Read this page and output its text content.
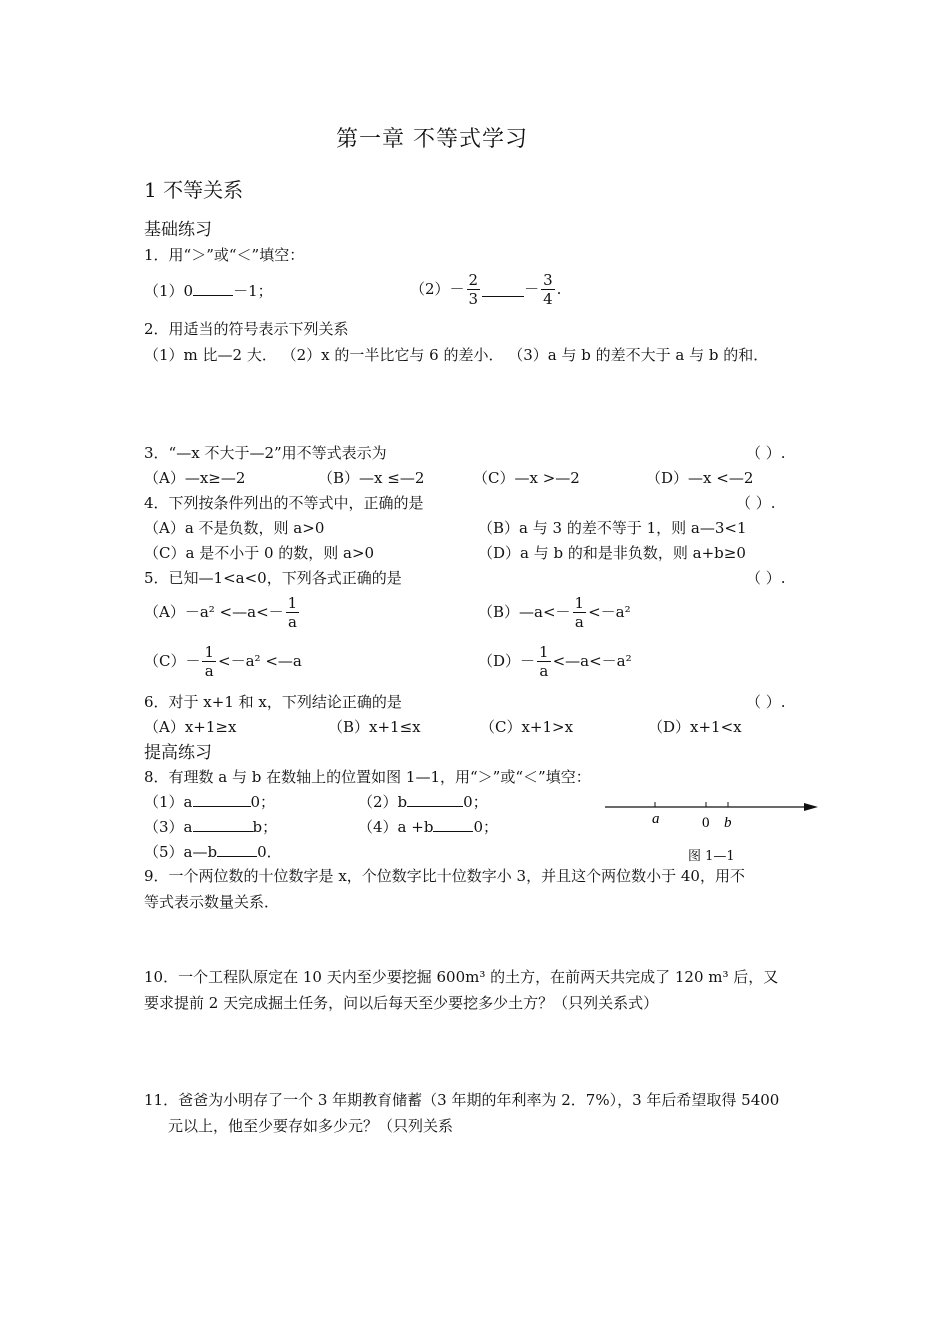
第一章 不等式学习
1 不等关系
基础练习
1．用“＞”或“＜”填空：
（1）0	－1；	$(2)- \frac{2}{3}$	－ $\frac{3}{4}$ .
2．用适当的符号表示下列关系
（1）m 比—2 大． （2）x 的一半比它与 6 的差小． （3）a 与 b 的差不大于 a 与 b 的和．
3．“—x 不大于—2”用不等式表示为	（ ）.
（A）—x≥—2	（B）—x ≤—2	（C）—x >—2	（D）—x <—2
4．下列按条件列出的不等式中，正确的是	（ ）.
（A）a 不是负数，则 a>0	（B）a 与 3 的差不等于 1，则 a—3<1
（C）a 是不小于 0 的数，则 a>0	（D）a 与 b 的和是非负数，则 a+b≥0
5．已知—1<a<0，下列各式正确的是	（ ）.
（A）－a² <—a<－ $\frac{1}{a}$	（B）—a<－ $\frac{1}{a} <-a^2$
$(C)- \frac{1}{a} <-a^2$ <—a	$(D)- \frac{1}{a}$ <—a<－a²
6．对于 x+1 和 x，下列结论正确的是	（ ）.
（A）x+1≥x	（B）x+1≤x	（C）x+1>x	（D）x+1<x
提高练习
8．有理数 a 与 b 在数轴上的位置如图 1—1，用“＞”或“＜”填空：
（1）a	0；	（2）b	0；
（3）a	b；	（4）a +b	0；
（5）a—b	0．
a	0 b
图 1—1
9．一个两位数的十位数字是 x，个位数字比十位数字小 3，并且这个两位数小于 40，用不
等式表示数量关系．
10．一个工程队原定在 10 天内至少要挖掘 600m³ 的土方，在前两天共完成了 120 m³ 后，又
要求提前 2 天完成掘土任务，问以后每天至少要挖多少土方？（只列关系式）
11．爸爸为小明存了一个 3 年期教育储蓄（3 年期的年利率为 2．7%），3 年后希望取得 5400
元以上，他至少要存如多少元？（只列关系
